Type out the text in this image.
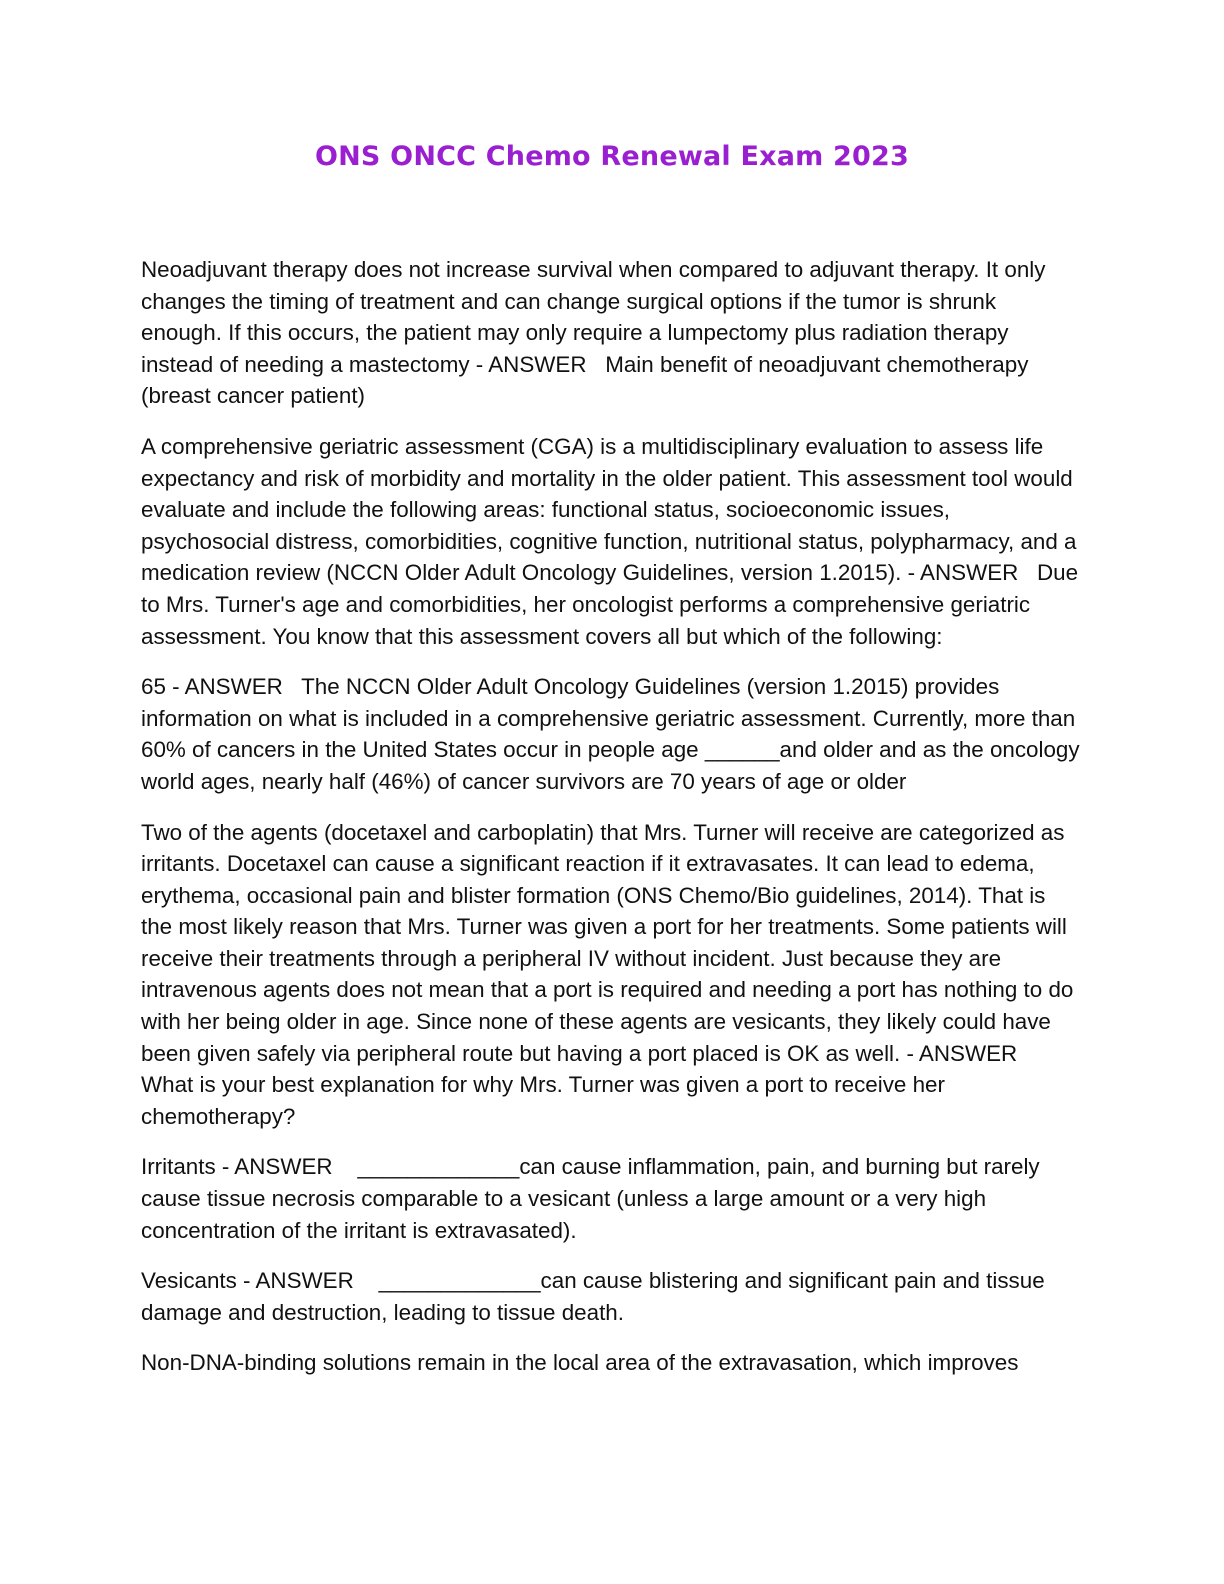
ONS ONCC Chemo Renewal Exam 2023

Neoadjuvant therapy does not increase survival when compared to adjuvant therapy. It only changes the timing of treatment and can change surgical options if the tumor is shrunk enough. If this occurs, the patient may only require a lumpectomy plus radiation therapy instead of needing a mastectomy - ANSWER   Main benefit of neoadjuvant chemotherapy (breast cancer patient)

A comprehensive geriatric assessment (CGA) is a multidisciplinary evaluation to assess life expectancy and risk of morbidity and mortality in the older patient. This assessment tool would evaluate and include the following areas: functional status, socioeconomic issues, psychosocial distress, comorbidities, cognitive function, nutritional status, polypharmacy, and a medication review (NCCN Older Adult Oncology Guidelines, version 1.2015). - ANSWER   Due to Mrs. Turner's age and comorbidities, her oncologist performs a comprehensive geriatric assessment. You know that this assessment covers all but which of the following:

65 - ANSWER   The NCCN Older Adult Oncology Guidelines (version 1.2015) provides information on what is included in a comprehensive geriatric assessment. Currently, more than 60% of cancers in the United States occur in people age ______and older and as the oncology world ages, nearly half (46%) of cancer survivors are 70 years of age or older

Two of the agents (docetaxel and carboplatin) that Mrs. Turner will receive are categorized as irritants. Docetaxel can cause a significant reaction if it extravasates. It can lead to edema, erythema, occasional pain and blister formation (ONS Chemo/Bio guidelines, 2014). That is the most likely reason that Mrs. Turner was given a port for her treatments. Some patients will receive their treatments through a peripheral IV without incident. Just because they are intravenous agents does not mean that a port is required and needing a port has nothing to do with her being older in age. Since none of these agents are vesicants, they likely could have been given safely via peripheral route but having a port placed is OK as well. - ANSWER   What is your best explanation for why Mrs. Turner was given a port to receive her chemotherapy?

Irritants - ANSWER    _____________can cause inflammation, pain, and burning but rarely cause tissue necrosis comparable to a vesicant (unless a large amount or a very high concentration of the irritant is extravasated).

Vesicants - ANSWER    _____________can cause blistering and significant pain and tissue damage and destruction, leading to tissue death.

Non-DNA-binding solutions remain in the local area of the extravasation, which improves
